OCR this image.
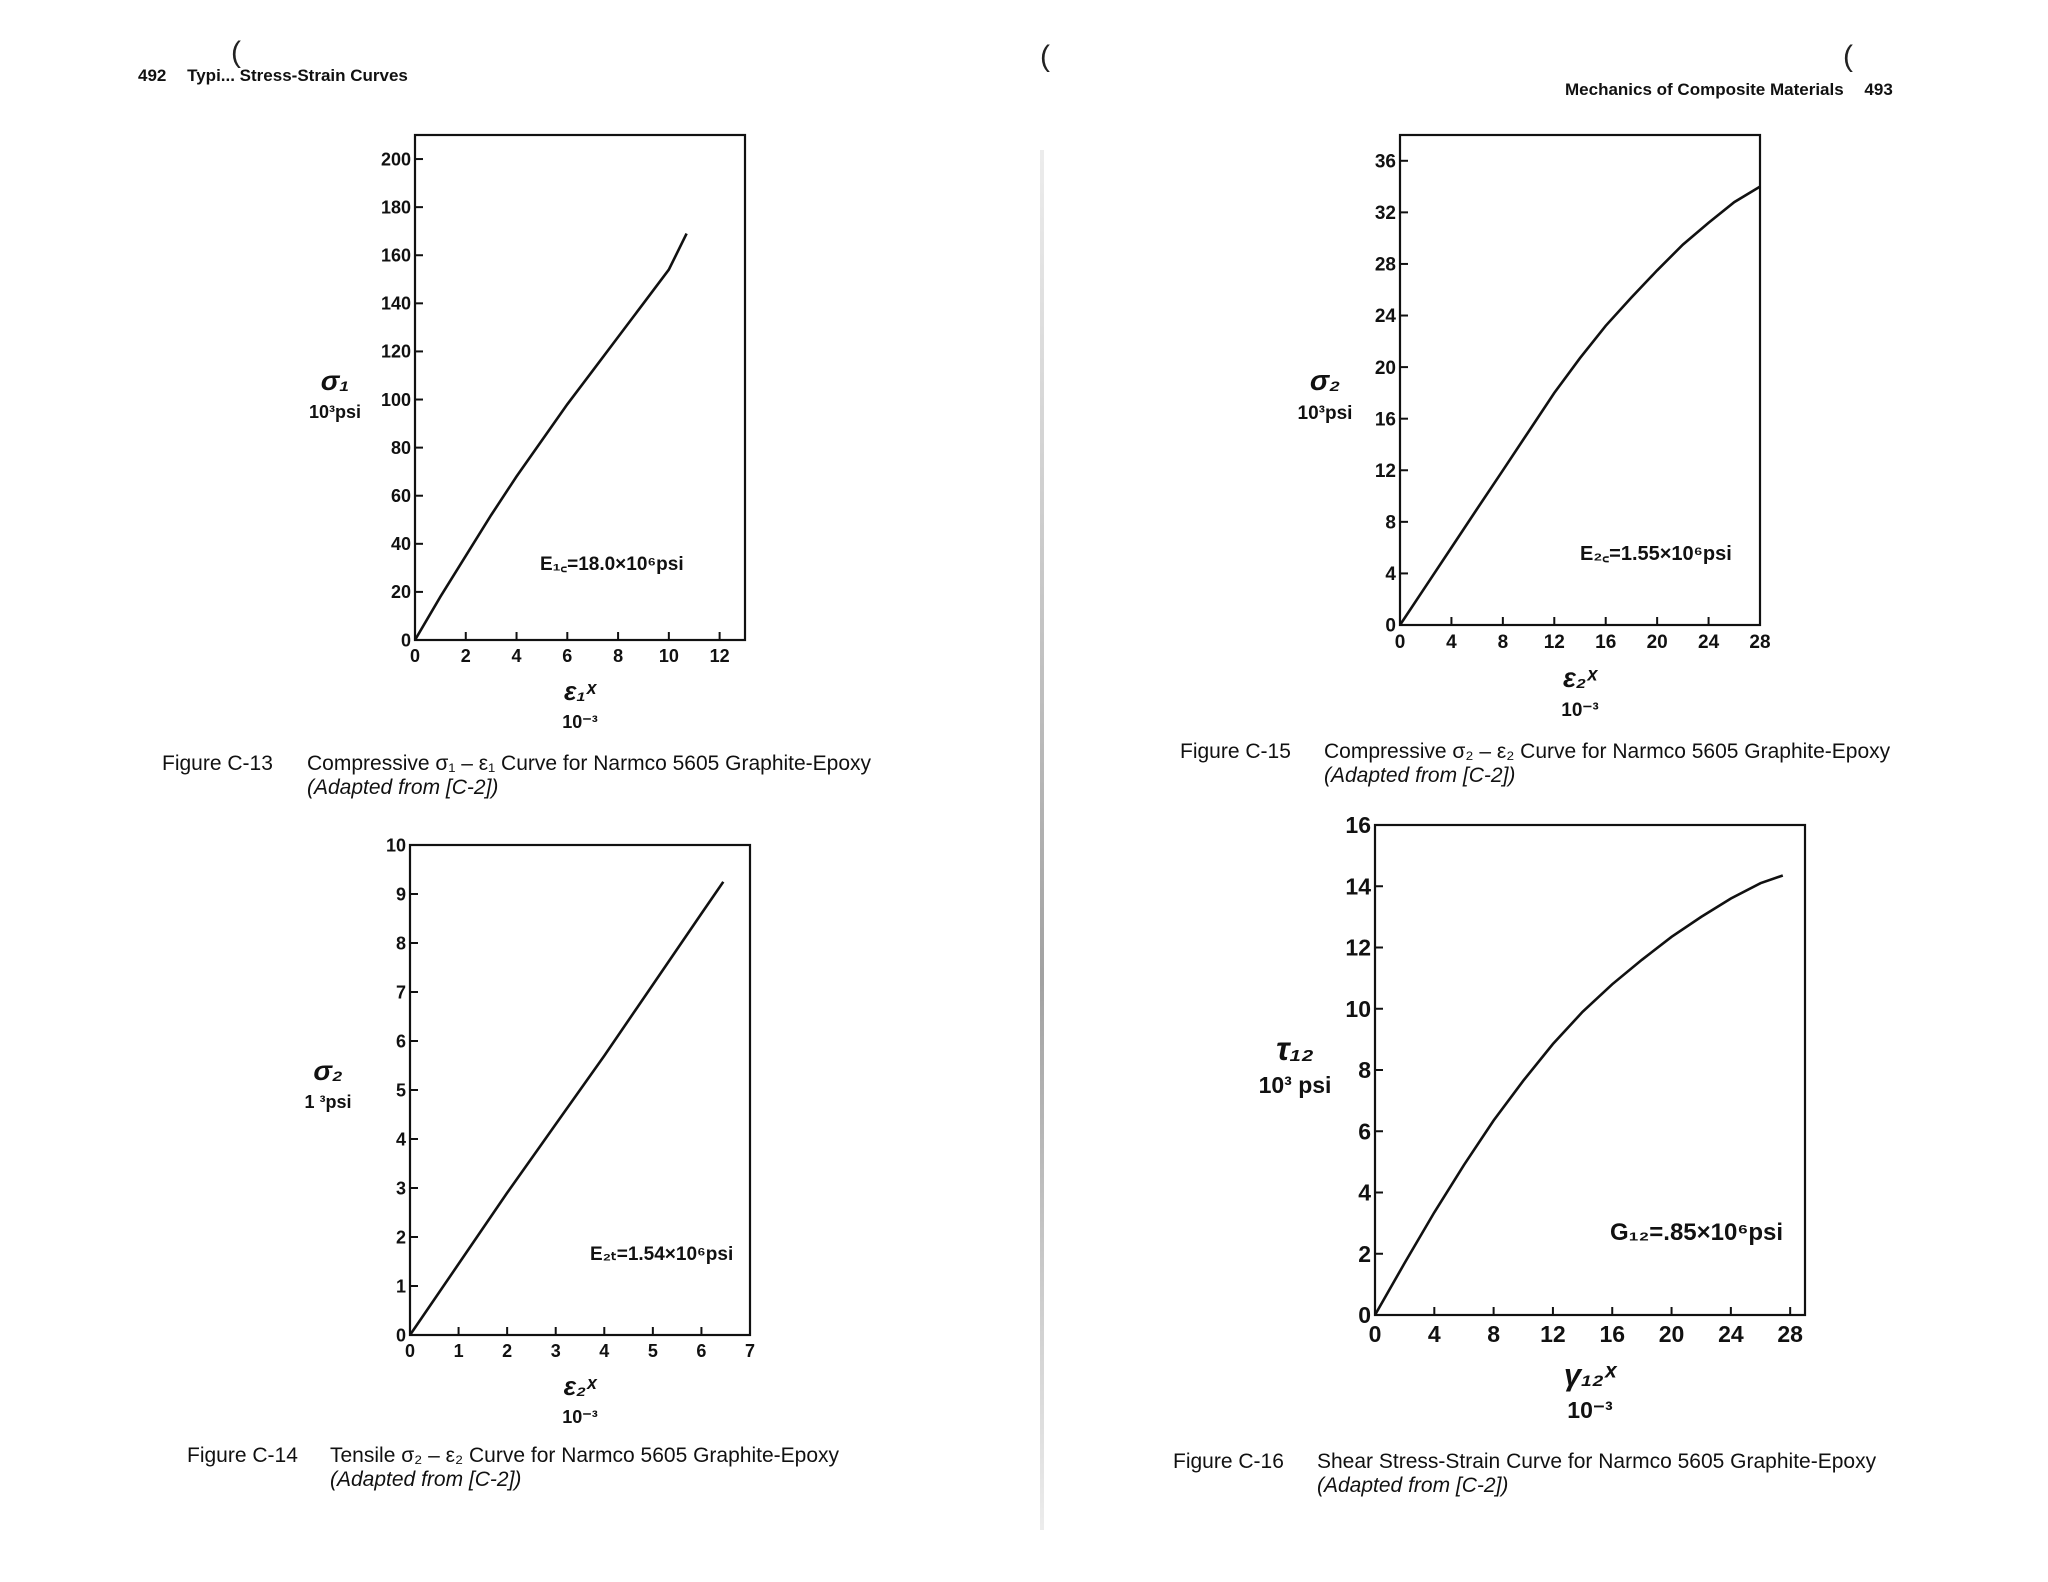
492 Typi... Stress-Strain Curves
Mechanics of Composite Materials 493
(	(	(
0
20
40
60
80
100
120
140
160
180
200
0 2 4 6 8 10 12
E₁꜀=18.0×10⁶psi
ε₁ˣ
10⁻³
σ₁
10³psi
0
1
2
3
4
5
6
7
8
9
10
0 1 2 3 4 5 6 7
E₂ₜ=1.54×10⁶psi
ε₂ˣ
10⁻³
σ₂
1 ³psi
0
4
8
12
16
20
24
28
32
36
0 4 8 12 16 20 24 28
E₂꜀=1.55×10⁶psi
ε₂ˣ
10⁻³
σ₂
10³psi
0
2
4
6
8
10
12
14
16
0 4 8 12 16 20 24 28
G₁₂=.85×10⁶psi
γ₁₂ˣ
10⁻³
τ₁₂
10³ psi
Figure C-13 Compressive σ₁ – ε₁ Curve for Narmco 5605 Graphite-Epoxy
(Adapted from [C-2])
Figure C-14 Tensile σ₂ – ε₂ Curve for Narmco 5605 Graphite-Epoxy
(Adapted from [C-2])
Figure C-15 Compressive σ₂ – ε₂ Curve for Narmco 5605 Graphite-Epoxy
(Adapted from [C-2])
Figure C-16 Shear Stress-Strain Curve for Narmco 5605 Graphite-Epoxy
(Adapted from [C-2])
